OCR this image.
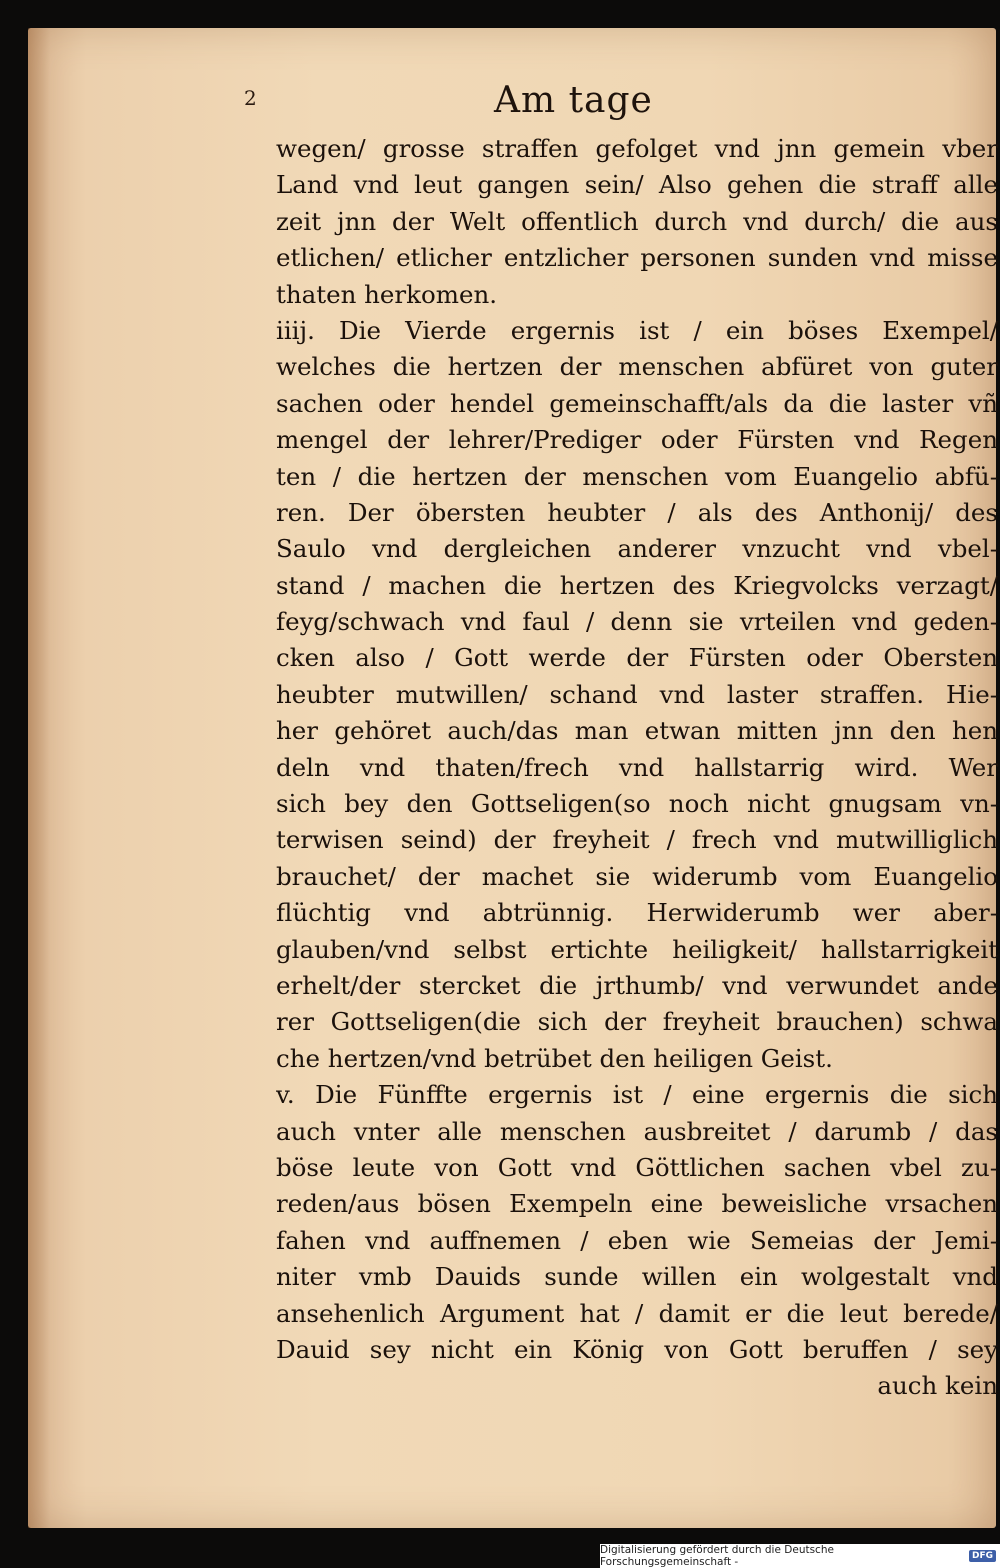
2	Am tage
wegen/ grosse straffen gefolget vnd jnn gemein vber
Land vnd leut gangen sein/ Also gehen die straff alle
zeit jnn der Welt offentlich durch vnd durch/ die aus
etlichen/ etlicher entzlicher personen sunden vnd misse
thaten herkomen.
iiij. Die Vierde ergernis ist / ein böses Exempel/
welches die hertzen der menschen abfüret von guter
sachen oder hendel gemeinschafft/als da die laster vñ
mengel der lehrer/Prediger oder Fürsten vnd Regen
ten / die hertzen der menschen vom Euangelio abfü-
ren. Der öbersten heubter / als des Anthonij/ des
Saulo vnd dergleichen anderer vnzucht vnd vbel-
stand / machen die hertzen des Kriegvolcks verzagt/
feyg/schwach vnd faul / denn sie vrteilen vnd geden-
cken also / Gott werde der Fürsten oder Obersten
heubter mutwillen/ schand vnd laster straffen. Hie-
her gehöret auch/das man etwan mitten jnn den hen
deln vnd thaten/frech vnd hallstarrig wird. Wer
sich bey den Gottseligen(so noch nicht gnugsam vn-
terwisen seind) der freyheit / frech vnd mutwilliglich
brauchet/ der machet sie widerumb vom Euangelio
flüchtig vnd abtrünnig. Herwiderumb wer aber-
glauben/vnd selbst ertichte heiligkeit/ hallstarrigkeit
erhelt/der stercket die jrthumb/ vnd verwundet ande
rer Gottseligen(die sich der freyheit brauchen) schwa
che hertzen/vnd betrübet den heiligen Geist.
v. Die Fünffte ergernis ist / eine ergernis die sich
auch vnter alle menschen ausbreitet / darumb / das
böse leute von Gott vnd Göttlichen sachen vbel zu-
reden/aus bösen Exempeln eine beweisliche vrsachen
fahen vnd auffnemen / eben wie Semeias der Jemi-
niter vmb Dauids sunde willen ein wolgestalt vnd
ansehenlich Argument hat / damit er die leut berede/
Dauid sey nicht ein König von Gott beruffen / sey
auch kein
Digitalisierung gefördert durch die Deutsche Forschungsgemeinschaft -	DFG
